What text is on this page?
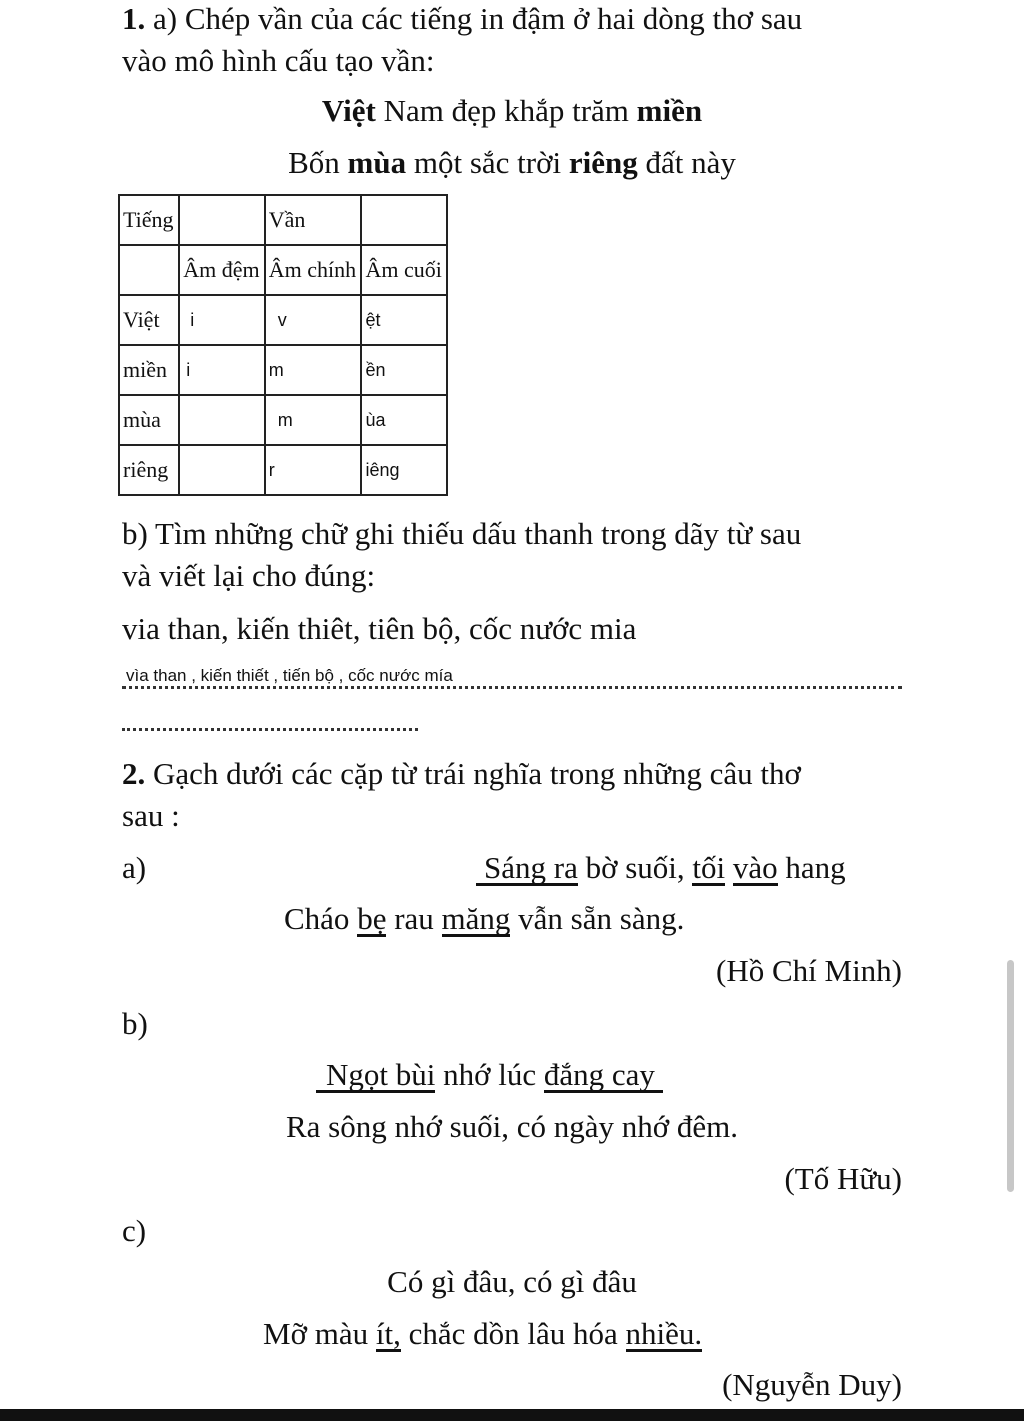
1. a) Chép vần của các tiếng in đậm ở hai dòng thơ sau
vào mô hình cấu tạo vần:
Việt Nam đẹp khắp trăm miền
Bốn mùa một sắc trời riêng đất này
Tiếng		Vần	
	Âm đệm	Âm chính	Âm cuối
Việt	i	v	ệt
miền	i	m	ền
mùa		m	ùa
riêng		r	iêng
b) Tìm những chữ ghi thiếu dấu thanh trong dãy từ sau
và viết lại cho đúng:
via than, kiến thiêt, tiên bộ, cốc nước mia
vìa than , kiến thiết , tiến bộ , cốc nước mía
2. Gạch dưới các cặp từ trái nghĩa trong những câu thơ
sau :
a)	Sáng ra bờ suối, tối vào hang
Cháo bẹ rau măng vẫn sẵn sàng.
(Hồ Chí Minh)
b)
Ngọt bùi nhớ lúc đắng cay
Ra sông nhớ suối, có ngày nhớ đêm.
(Tố Hữu)
c)
Có gì đâu, có gì đâu
Mỡ màu ít, chắc dồn lâu hóa nhiều.
(Nguyễn Duy)
